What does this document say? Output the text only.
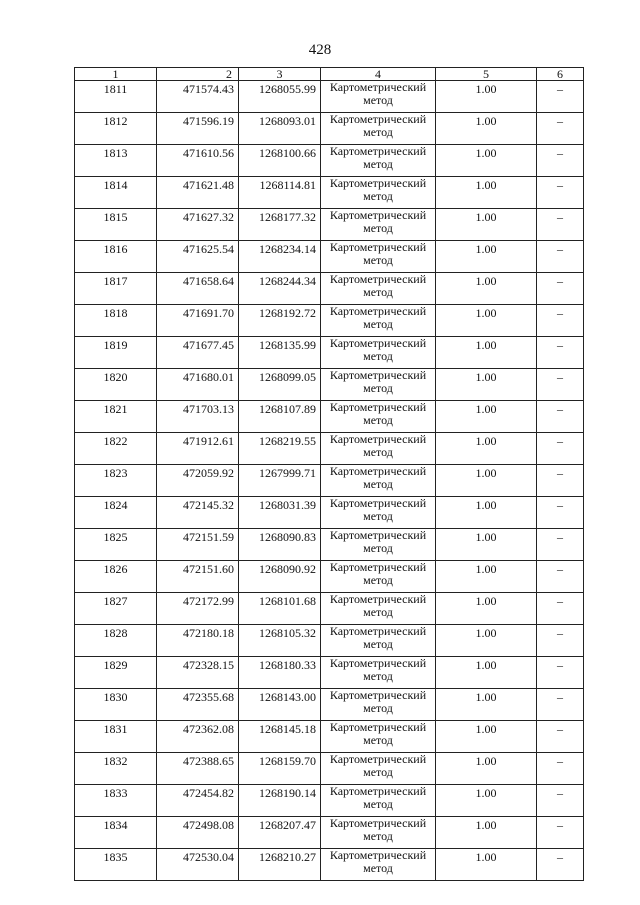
428
1	2	3	4	5	6
1811	471574.43	1268055.99	Картометрический метод	1.00	–
1812	471596.19	1268093.01	Картометрический метод	1.00	–
1813	471610.56	1268100.66	Картометрический метод	1.00	–
1814	471621.48	1268114.81	Картометрический метод	1.00	–
1815	471627.32	1268177.32	Картометрический метод	1.00	–
1816	471625.54	1268234.14	Картометрический метод	1.00	–
1817	471658.64	1268244.34	Картометрический метод	1.00	–
1818	471691.70	1268192.72	Картометрический метод	1.00	–
1819	471677.45	1268135.99	Картометрический метод	1.00	–
1820	471680.01	1268099.05	Картометрический метод	1.00	–
1821	471703.13	1268107.89	Картометрический метод	1.00	–
1822	471912.61	1268219.55	Картометрический метод	1.00	–
1823	472059.92	1267999.71	Картометрический метод	1.00	–
1824	472145.32	1268031.39	Картометрический метод	1.00	–
1825	472151.59	1268090.83	Картометрический метод	1.00	–
1826	472151.60	1268090.92	Картометрический метод	1.00	–
1827	472172.99	1268101.68	Картометрический метод	1.00	–
1828	472180.18	1268105.32	Картометрический метод	1.00	–
1829	472328.15	1268180.33	Картометрический метод	1.00	–
1830	472355.68	1268143.00	Картометрический метод	1.00	–
1831	472362.08	1268145.18	Картометрический метод	1.00	–
1832	472388.65	1268159.70	Картометрический метод	1.00	–
1833	472454.82	1268190.14	Картометрический метод	1.00	–
1834	472498.08	1268207.47	Картометрический метод	1.00	–
1835	472530.04	1268210.27	Картометрический метод	1.00	–
